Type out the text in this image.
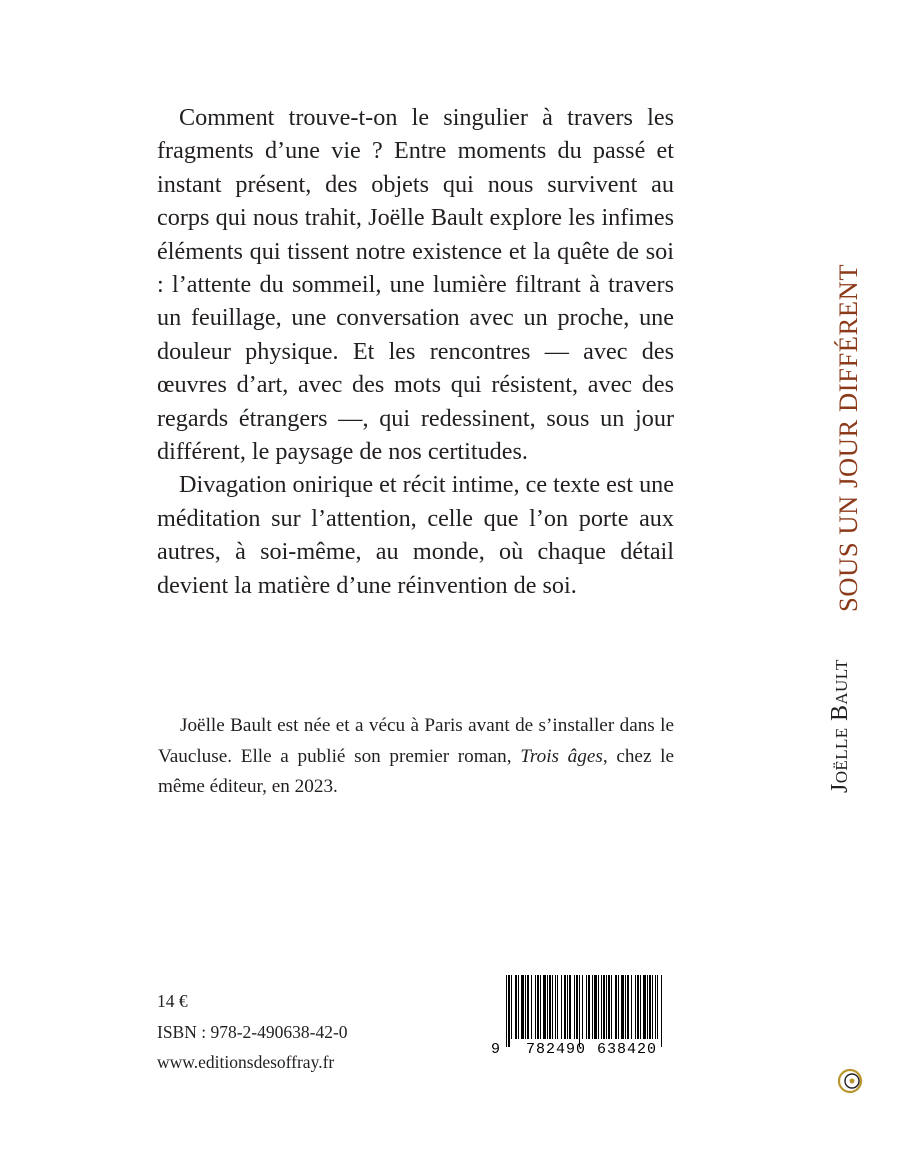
Comment trouve-t-on le singulier à travers les fragments d’une vie ? Entre moments du passé et instant présent, des objets qui nous survivent au corps qui nous trahit, Joëlle Bault explore les infimes éléments qui tissent notre existence et la quête de soi : l’attente du sommeil, une lumière filtrant à travers un feuillage, une conversation avec un proche, une douleur physique. Et les rencontres — avec des œuvres d’art, avec des mots qui résistent, avec des regards étrangers —, qui redessinent, sous un jour différent, le paysage de nos certitudes.

Divagation onirique et récit intime, ce texte est une méditation sur l’attention, celle que l’on porte aux autres, à soi-même, au monde, où chaque détail devient la matière d’une réinvention de soi.

Joëlle Bault est née et a vécu à Paris avant de s’installer dans le Vaucluse. Elle a publié son premier roman, Trois âges, chez le même éditeur, en 2023.

14 €
ISBN : 978-2-490638-42-0
www.editionsdesoffray.fr
9 782490 638420
SOUS UN JOUR DIFFÉRENT
Joëlle Bault
